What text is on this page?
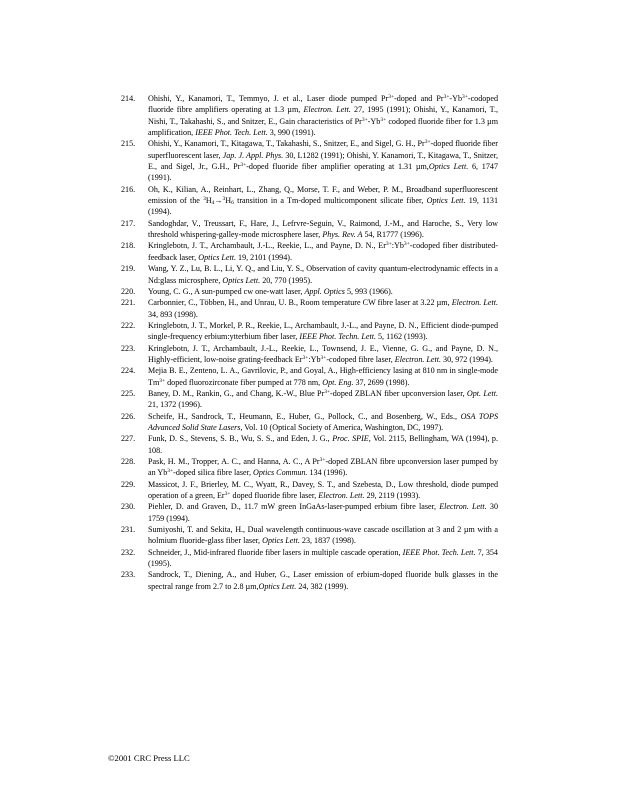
214.	Ohishi, Y., Kanamori, T., Temmyo, J. et al., Laser diode pumped $Pr^{3+}$-doped and $Pr^{3+}-Yb^{3+}$-codoped fluoride fibre amplifiers operating at 1.3 µm, Electron. Lett. 27, 1995 (1991); Ohishi, Y., Kanamori, T., Nishi, T., Takahashi, S., and Snitzer, E., Gain characteristics of $Pr^{3+}-Yb^{3+}$ codoped fluoride fiber for 1.3 µm amplification, IEEE Phot. Tech. Lett. 3, 990 (1991).
215.	Ohishi, Y., Kanamori, T., Kitagawa, T., Takahashi, S., Snitzer, E., and Sigel, G. H., $Pr^{3+}$-doped fluoride fiber superfluorescent laser, Jap. J. Appl. Phys. 30, L1282 (1991); Ohishi, Y. Kanamori, T., Kitagawa, T., Snitzer, E., and Sigel, Jr., G.H., $Pr^{3+}$-doped fluoride fiber amplifier operating at 1.31 µm,Optics Lett. 6, 1747 (1991).
216.	Oh, K., Kilian, A., Reinhart, L., Zhang, Q., Morse, T. F., and Weber, P. M., Broadband superfluorescent emission of the $^3H_4\to^3H_6$ transition in a Tm-doped multicomponent silicate fiber, Optics Lett. 19, 1131 (1994).
217.	Sandoghdar, V., Treussart, F., Hare, J., Lefrvre-Seguin, V., Raimond, J.-M., and Haroche, S., Very low threshold whispering-galley-mode microsphere laser, Phys. Rev. A 54, R1777 (1996).
218.	Kringlebotn, J. T., Archambault, J.-L., Reekie, L., and Payne, D. N., $Er^{3+}:Yb^{3+}$-codoped fiber distributed-feedback laser, Optics Lett. 19, 2101 (1994).
219.	Wang, Y. Z., Lu, B. L., Li, Y. Q., and Liu, Y. S., Observation of cavity quantum-electrodynamic effects in a Nd:glass microsphere, Optics Lett. 20, 770 (1995).
220.	Young, C. G., A sun-pumped cw one-watt laser, Appl. Optics 5, 993 (1966).
221.	Carbonnier, C., Többen, H., and Unrau, U. B., Room temperature CW fibre laser at 3.22 µm, Electron. Lett. 34, 893 (1998).
222.	Kringlebotn, J. T., Morkel, P. R., Reekie, L., Archambault, J.-L., and Payne, D. N., Efficient diode-pumped single-frequency erbium:ytterbium fiber laser, IEEE Phot. Techn. Lett. 5, 1162 (1993).
223.	Kringlebotn, J. T., Archambault, J.-L., Reekie, L., Townsend, J. E., Vienne, G. G., and Payne, D. N., Highly-efficient, low-noise grating-feedback $Er^{3+}:Yb^{3+}$-codoped fibre laser, Electron. Lett. 30, 972 (1994).
224.	Mejia B. E., Zenteno, L. A., Gavrilovic, P., and Goyal, A., High-efficiency lasing at 810 nm in single-mode $Tm^{3+}$ doped fluorozirconate fiber pumped at 778 nm, Opt. Eng. 37, 2699 (1998).
225.	Baney, D. M., Rankin, G., and Chang, K.-W., Blue $Pr^{3+}$-doped ZBLAN fiber upconversion laser, Opt. Lett. 21, 1372 (1996).
226.	Scheife, H., Sandrock, T., Heumann, E., Huber, G., Pollock, C., and Bosenberg, W., Eds., OSA TOPS Advanced Solid State Lasers, Vol. 10 (Optical Society of America, Washington, DC, 1997).
227.	Funk, D. S., Stevens, S. B., Wu, S. S., and Eden, J. G., Proc. SPIE, Vol. 2115, Bellingham, WA (1994), p. 108.
228.	Pask, H. M., Tropper, A. C., and Hanna, A. C., A $Pr^{3+}$-doped ZBLAN fibre upconversion laser pumped by an $Yb^{3+}$-doped silica fibre laser, Optics Commun. 134 (1996).
229.	Massicot, J. F., Brierley, M. C., Wyatt, R., Davey, S. T., and Szebesta, D., Low threshold, diode pumped operation of a green, $Er^{3+}$ doped fluoride fibre laser, Electron. Lett. 29, 2119 (1993).
230.	Piehler, D. and Graven, D., 11.7 mW green InGaAs-laser-pumped erbium fibre laser, Electron. Lett. 30 1759 (1994).
231.	Sumiyoshi, T. and Sekita, H., Dual wavelength continuous-wave cascade oscillation at 3 and 2 µm with a holmium fluoride-glass fiber laser, Optics Lett. 23, 1837 (1998).
232.	Schneider, J., Mid-infrared fluoride fiber lasers in multiple cascade operation, IEEE Phot. Tech. Lett. 7, 354 (1995).
233.	Sandrock, T., Diening, A., and Huber, G., Laser emission of erbium-doped fluoride bulk glasses in the spectral range from 2.7 to 2.8 µm,Optics Lett. 24, 382 (1999).
©2001 CRC Press LLC
